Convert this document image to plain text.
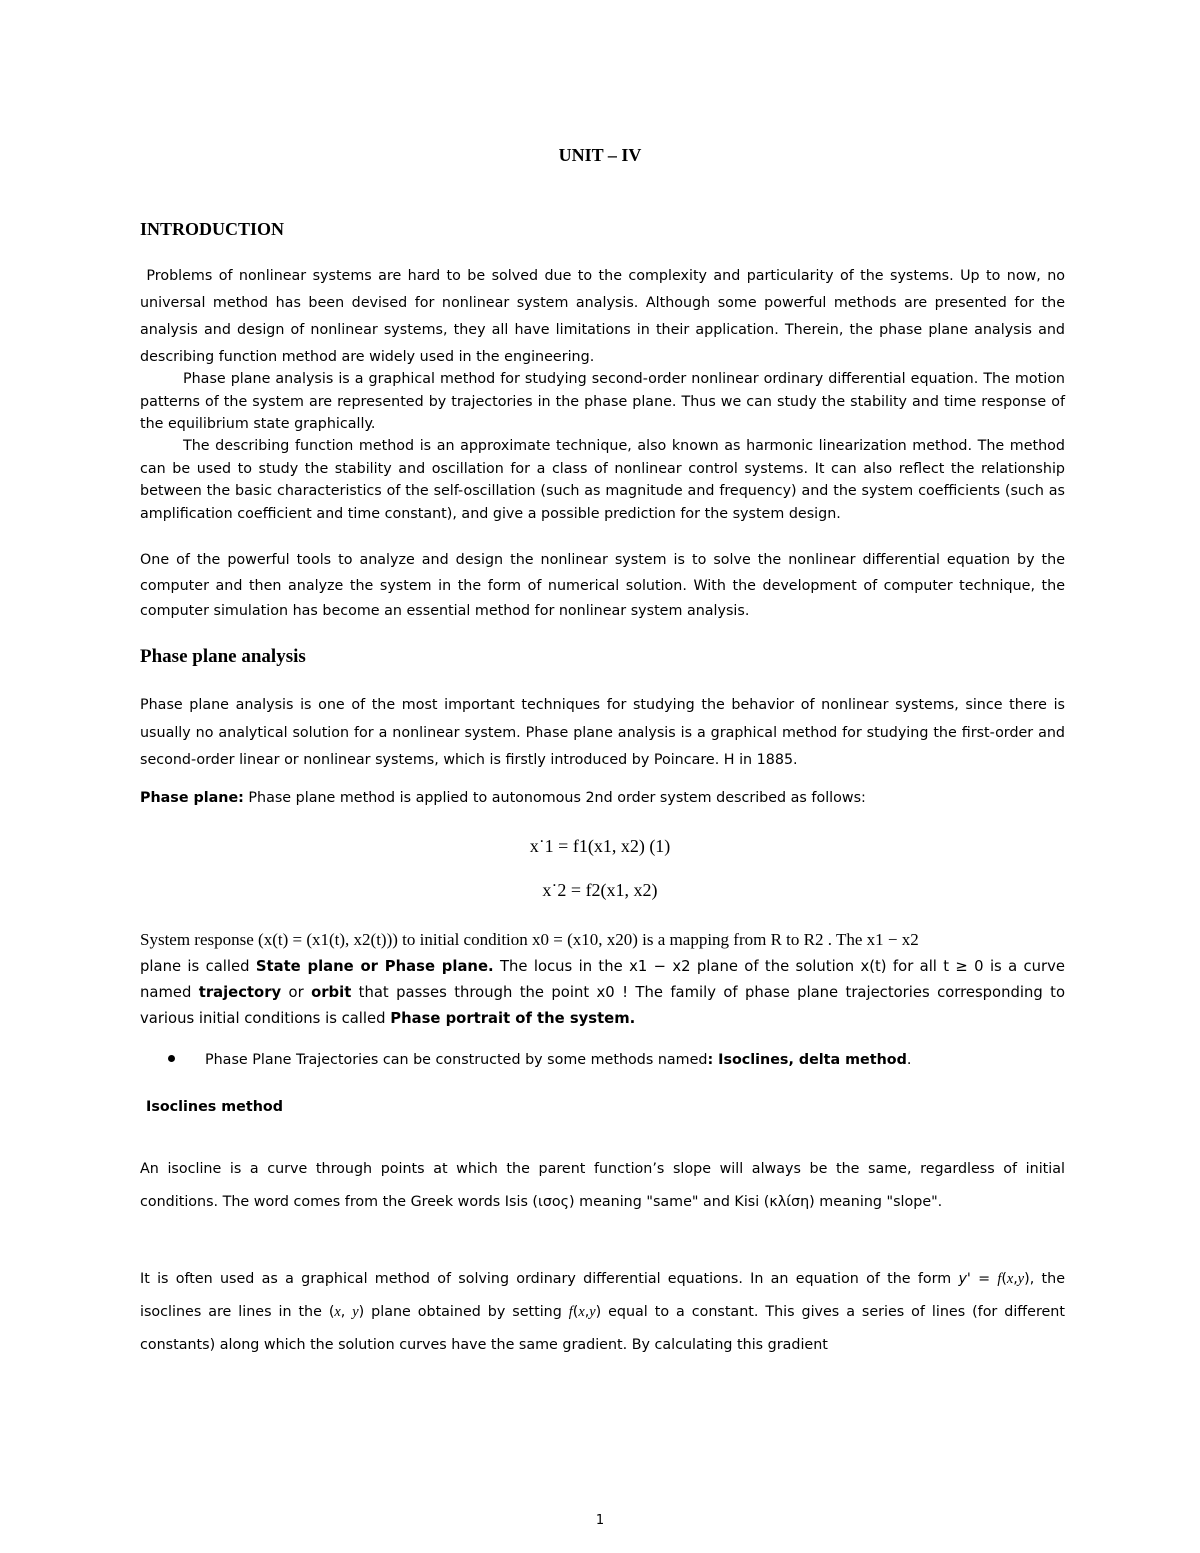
UNIT – IV
INTRODUCTION

Problems of nonlinear systems are hard to be solved due to the complexity and particularity of the systems. Up to now, no universal method has been devised for nonlinear system analysis. Although some powerful methods are presented for the analysis and design of nonlinear systems, they all have limitations in their application. Therein, the phase plane analysis and describing function method are widely used in the engineering.

Phase plane analysis is a graphical method for studying second-order nonlinear ordinary differential equation. The motion patterns of the system are represented by trajectories in the phase plane. Thus we can study the stability and time response of the equilibrium state graphically.

The describing function method is an approximate technique, also known as harmonic linearization method. The method can be used to study the stability and oscillation for a class of nonlinear control systems. It can also reflect the relationship between the basic characteristics of the self-oscillation (such as magnitude and frequency) and the system coefficients (such as amplification coefficient and time constant), and give a possible prediction for the system design.

One of the powerful tools to analyze and design the nonlinear system is to solve the nonlinear differential equation by the computer and then analyze the system in the form of numerical solution. With the development of computer technique, the computer simulation has become an essential method for nonlinear system analysis.

Phase plane analysis

Phase plane analysis is one of the most important techniques for studying the behavior of nonlinear systems, since there is usually no analytical solution for a nonlinear system. Phase plane analysis is a graphical method for studying the first-order and second-order linear or nonlinear systems, which is firstly introduced by Poincare. H in 1885.

Phase plane: Phase plane method is applied to autonomous 2nd order system described as follows:

x˙1 = f1(x1, x2) (1)
x˙2 = f2(x1, x2)

System response (x(t) = (x1(t), x2(t))) to initial condition x0 = (x10, x20) is a mapping from R to R2 . The x1 − x2
plane is called State plane or Phase plane. The locus in the x1 − x2 plane of the solution x(t) for all t ≥ 0 is a curve named trajectory or orbit that passes through the point x0 ! The family of phase plane trajectories corresponding to various initial conditions is called Phase portrait of the system.

Phase Plane Trajectories can be constructed by some methods named: Isoclines, delta method.
Isoclines method

An isocline is a curve through points at which the parent function’s slope will always be the same, regardless of initial conditions. The word comes from the Greek words Isis (ισος) meaning "same" and Kisi (κλίση) meaning "slope".

It is often used as a graphical method of solving ordinary differential equations. In an equation of the form y' = f(x,y), the isoclines are lines in the (x, y) plane obtained by setting f(x,y) equal to a constant. This gives a series of lines (for different constants) along which the solution curves have the same gradient. By calculating this gradient

1
